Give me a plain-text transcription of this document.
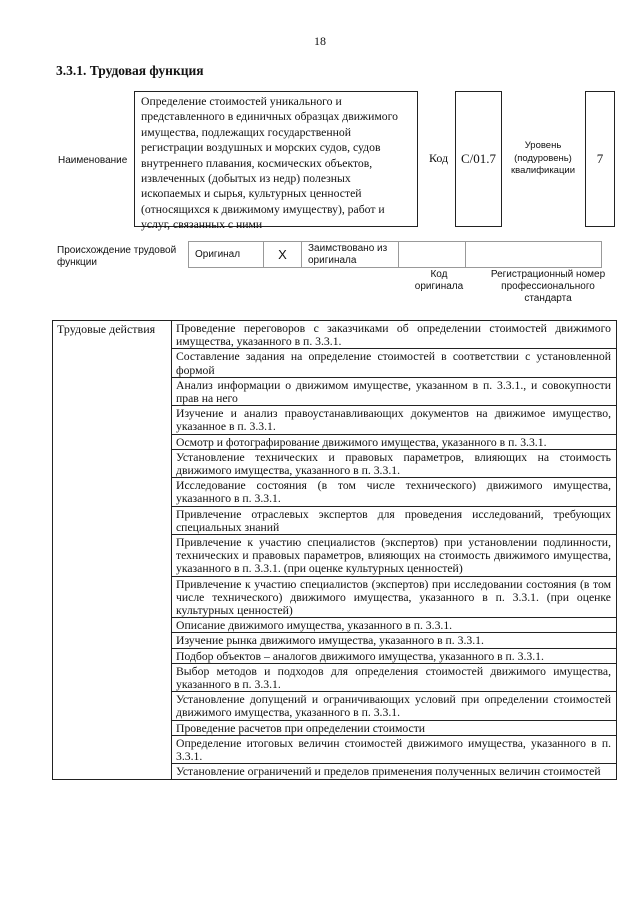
18
3.3.1. Трудовая функция
Наименование
Определение стоимостей уникального и представленного в единичных образцах движимого имущества, подлежащих государственной регистрации воздушных и морских судов, судов внутреннего плавания, космических объектов, извлеченных (добытых из недр) полезных ископаемых и сырья, культурных ценностей (относящихся к движимому имуществу), работ и услуг, связанных с ними
Код C/01.7
Уровень (подуровень) квалификации
7
Происхождение трудовой функции
Оригинал	X	Заимствовано из оригинала		
Код оригинала
Регистрационный номер профессионального стандарта
Трудовые действия	Проведение переговоров с заказчиками об определении стоимостей движимого имущества, указанного в п. 3.3.1.
Составление задания на определение стоимостей в соответствии с установленной формой
Анализ информации о движимом имуществе, указанном в п. 3.3.1., и совокупности прав на него
Изучение и анализ правоустанавливающих документов на движимое имущество, указанное в п. 3.3.1.
Осмотр и фотографирование движимого имущества, указанного в п. 3.3.1.
Установление технических и правовых параметров, влияющих на стоимость движимого имущества, указанного в п. 3.3.1.
Исследование состояния (в том числе технического) движимого имущества, указанного в п. 3.3.1.
Привлечение отраслевых экспертов для проведения исследований, требующих специальных знаний
Привлечение к участию специалистов (экспертов) при установлении подлинности, технических и правовых параметров, влияющих на стоимость движимого имущества, указанного в п. 3.3.1. (при оценке культурных ценностей)
Привлечение к участию специалистов (экспертов) при исследовании состояния (в том числе технического) движимого имущества, указанного в п. 3.3.1. (при оценке культурных ценностей)
Описание движимого имущества, указанного в п. 3.3.1.
Изучение рынка движимого имущества, указанного в п. 3.3.1.
Подбор объектов – аналогов движимого имущества, указанного в п. 3.3.1.
Выбор методов и подходов для определения стоимостей движимого имущества, указанного в п. 3.3.1.
Установление допущений и ограничивающих условий при определении стоимостей движимого имущества, указанного в п. 3.3.1.
Проведение расчетов при определении стоимости
Определение итоговых величин стоимостей движимого имущества, указанного в п. 3.3.1.
Установление ограничений и пределов применения полученных величин стоимостей
